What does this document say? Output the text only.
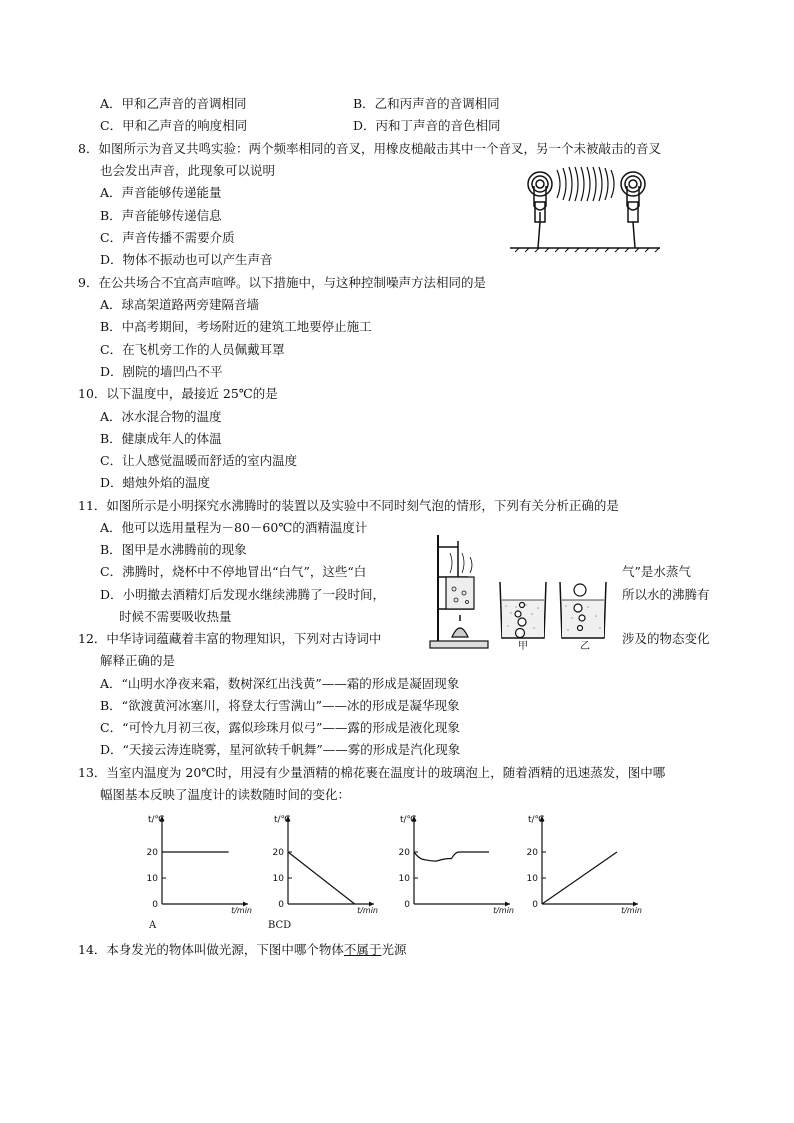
A．甲和乙声音的音调相同	B．乙和丙声音的音调相同
C．甲和乙声音的响度相同	D．丙和丁声音的音色相同
8．如图所示为音叉共鸣实验：两个频率相同的音叉，用橡皮槌敲击其中一个音叉，另一个未被敲击的音叉
也会发出声音，此现象可以说明
A．声音能够传递能量
B．声音能够传递信息
C．声音传播不需要介质
D．物体不振动也可以产生声音
9．在公共场合不宜高声喧哗。以下措施中，与这种控制噪声方法相同的是
A．球高架道路两旁建隔音墙
B．中高考期间，考场附近的建筑工地要停止施工
C．在飞机旁工作的人员佩戴耳罩
D．剧院的墙凹凸不平
10．以下温度中，最接近 25℃的是
A．冰水混合物的温度
B．健康成年人的体温
C．让人感觉温暖而舒适的室内温度
D．蜡烛外焰的温度
11．如图所示是小明探究水沸腾时的装置以及实验中不同时刻气泡的情形，下列有关分析正确的是
A．他可以选用量程为－80－60℃的酒精温度计
B．图甲是水沸腾前的现象
C．沸腾时，烧杯中不停地冒出“白气”，这些“白	气”是水蒸气
D．小明撤去酒精灯后发现水继续沸腾了一段时间，	所以水的沸腾有
时候不需要吸收热量
甲	乙
12．中华诗词蕴藏着丰富的物理知识，下列对古诗词中	涉及的物态变化
解释正确的是
A．“山明水净夜来霜，数树深红出浅黄”——霜的形成是凝固现象
B．“欲渡黄河冰塞川，将登太行雪满山”——冰的形成是凝华现象
C．“可怜九月初三夜，露似珍珠月似弓”——露的形成是液化现象
D．“天接云涛连晓雾，星河欲转千帆舞”——雾的形成是汽化现象
13．当室内温度为 20℃时，用浸有少量酒精的棉花裹在温度计的玻璃泡上，随着酒精的迅速蒸发，图中哪
幅图基本反映了温度计的读数随时间的变化：
0
10
20
t/℃
t/min
0
10
20
t/℃
t/min
0
10
20
t/℃
t/min
0
10
20
t/℃
t/min
A	BCD
14．本身发光的物体叫做光源，下图中哪个物体不属于光源
